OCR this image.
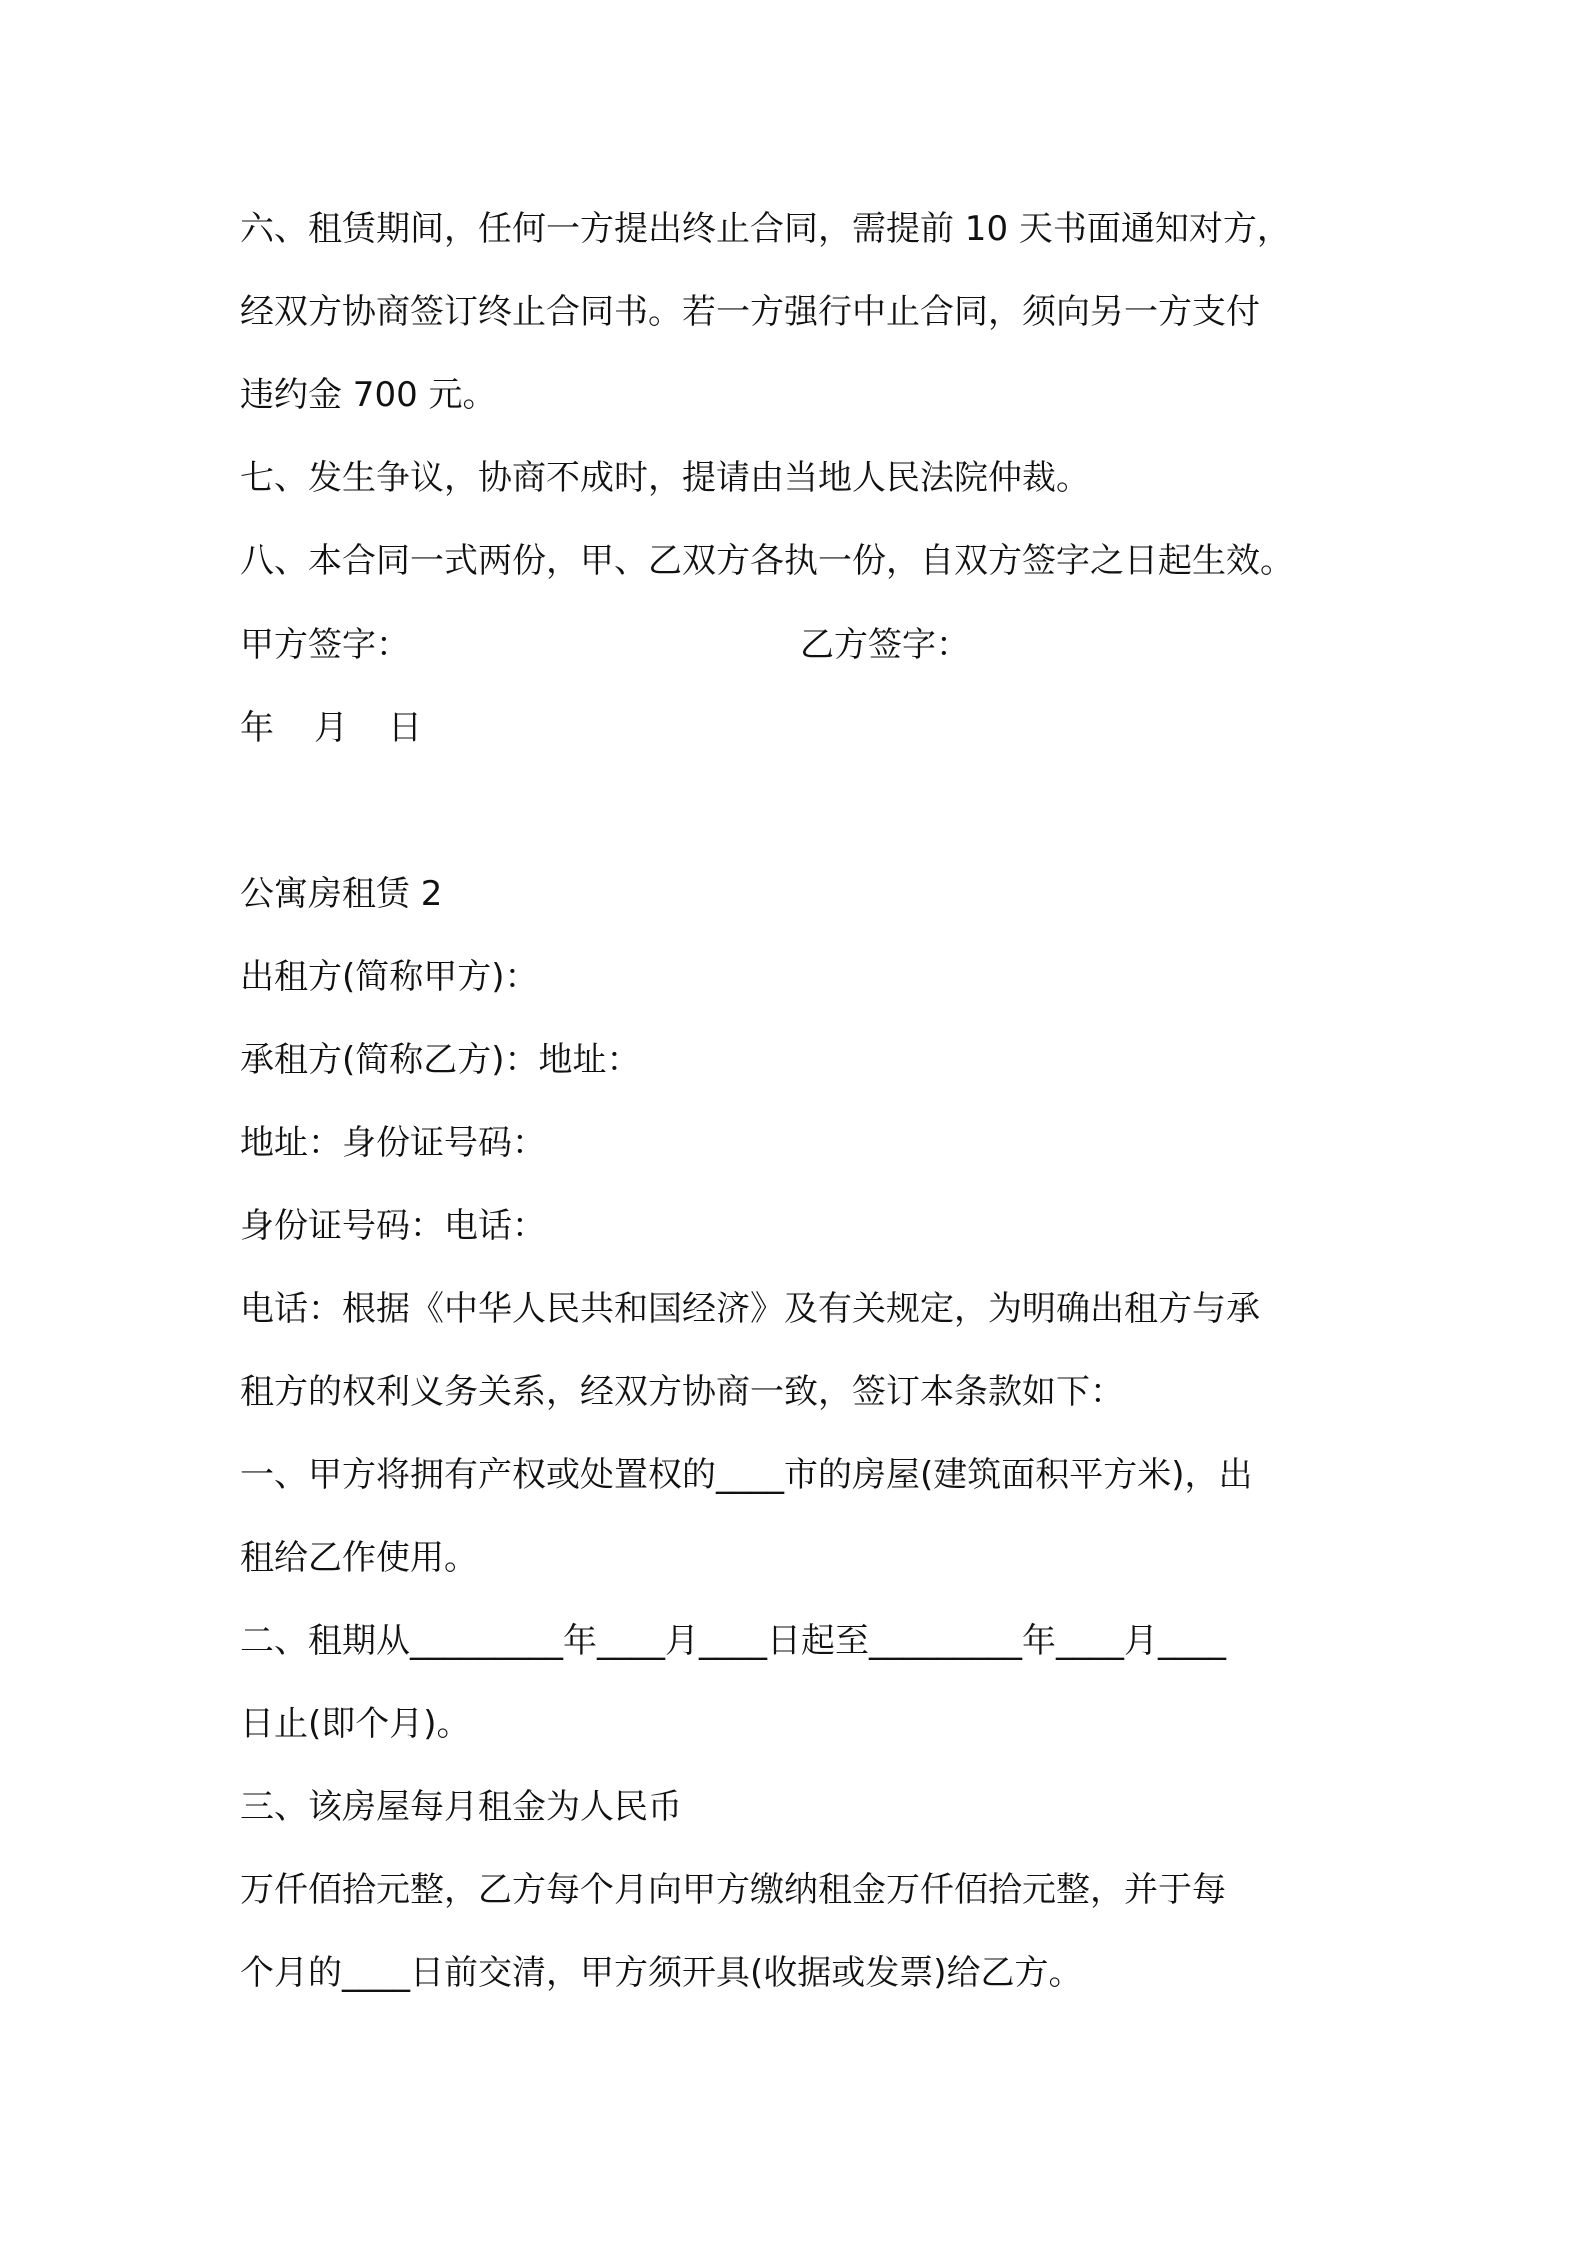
六、租赁期间，任何一方提出终止合同，需提前 10 天书面通知对方，
经双方协商签订终止合同书。若一方强行中止合同，须向另一方支付
违约金 700 元。
七、发生争议，协商不成时，提请由当地人民法院仲裁。
八、本合同一式两份，甲、乙双方各执一份，自双方签字之日起生效。
甲方签字：	乙方签字：
年 月 日
公寓房租赁 2
出租方(简称甲方)：
承租方(简称乙方)：地址：
地址：身份证号码：
身份证号码：电话：
电话：根据《中华人民共和国经济》及有关规定，为明确出租方与承
租方的权利义务关系，经双方协商一致，签订本条款如下：
一、甲方将拥有产权或处置权的____市的房屋(建筑面积平方米)，出
租给乙作使用。
二、租期从_________年____月____日起至_________年____月____
日止(即个月)。
三、该房屋每月租金为人民币
万仟佰拾元整，乙方每个月向甲方缴纳租金万仟佰拾元整，并于每
个月的____日前交清，甲方须开具(收据或发票)给乙方。
